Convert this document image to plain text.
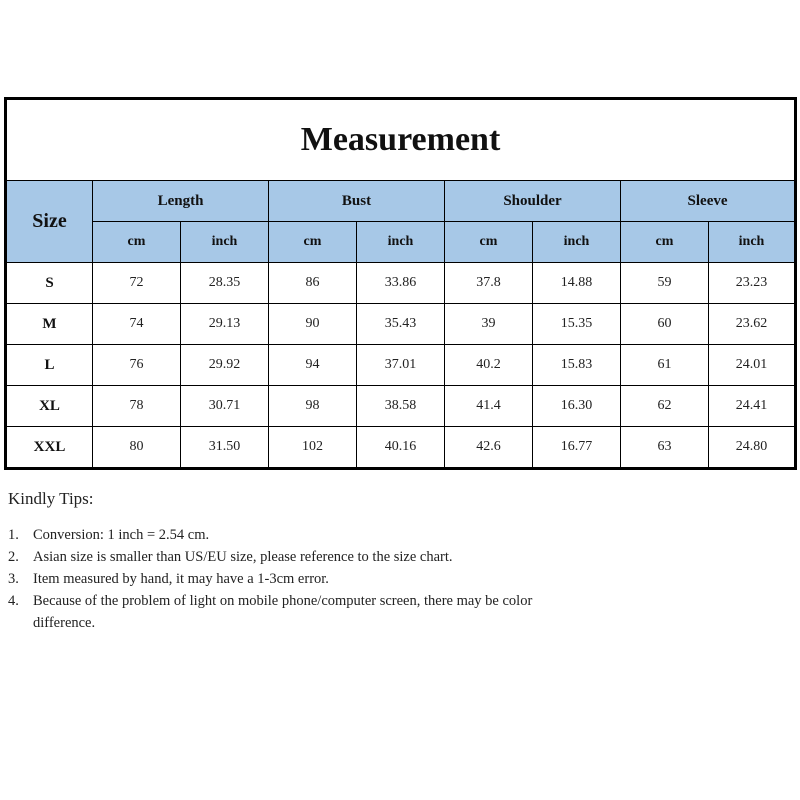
Measurement								
Size	Length		Bust		Shoulder		Sleeve	
	cm	inch	cm	inch	cm	inch	cm	inch
S	72	28.35	86	33.86	37.8	14.88	59	23.23
M	74	29.13	90	35.43	39	15.35	60	23.62
L	76	29.92	94	37.01	40.2	15.83	61	24.01
XL	78	30.71	98	38.58	41.4	16.30	62	24.41
XXL	80	31.50	102	40.16	42.6	16.77	63	24.80
Kindly Tips:
1. Conversion: 1 inch = 2.54 cm.
2. Asian size is smaller than US/EU size, please reference to the size chart.
3. Item measured by hand, it may have a 1-3cm error.
4. Because of the problem of light on mobile phone/computer screen, there may be color difference.
